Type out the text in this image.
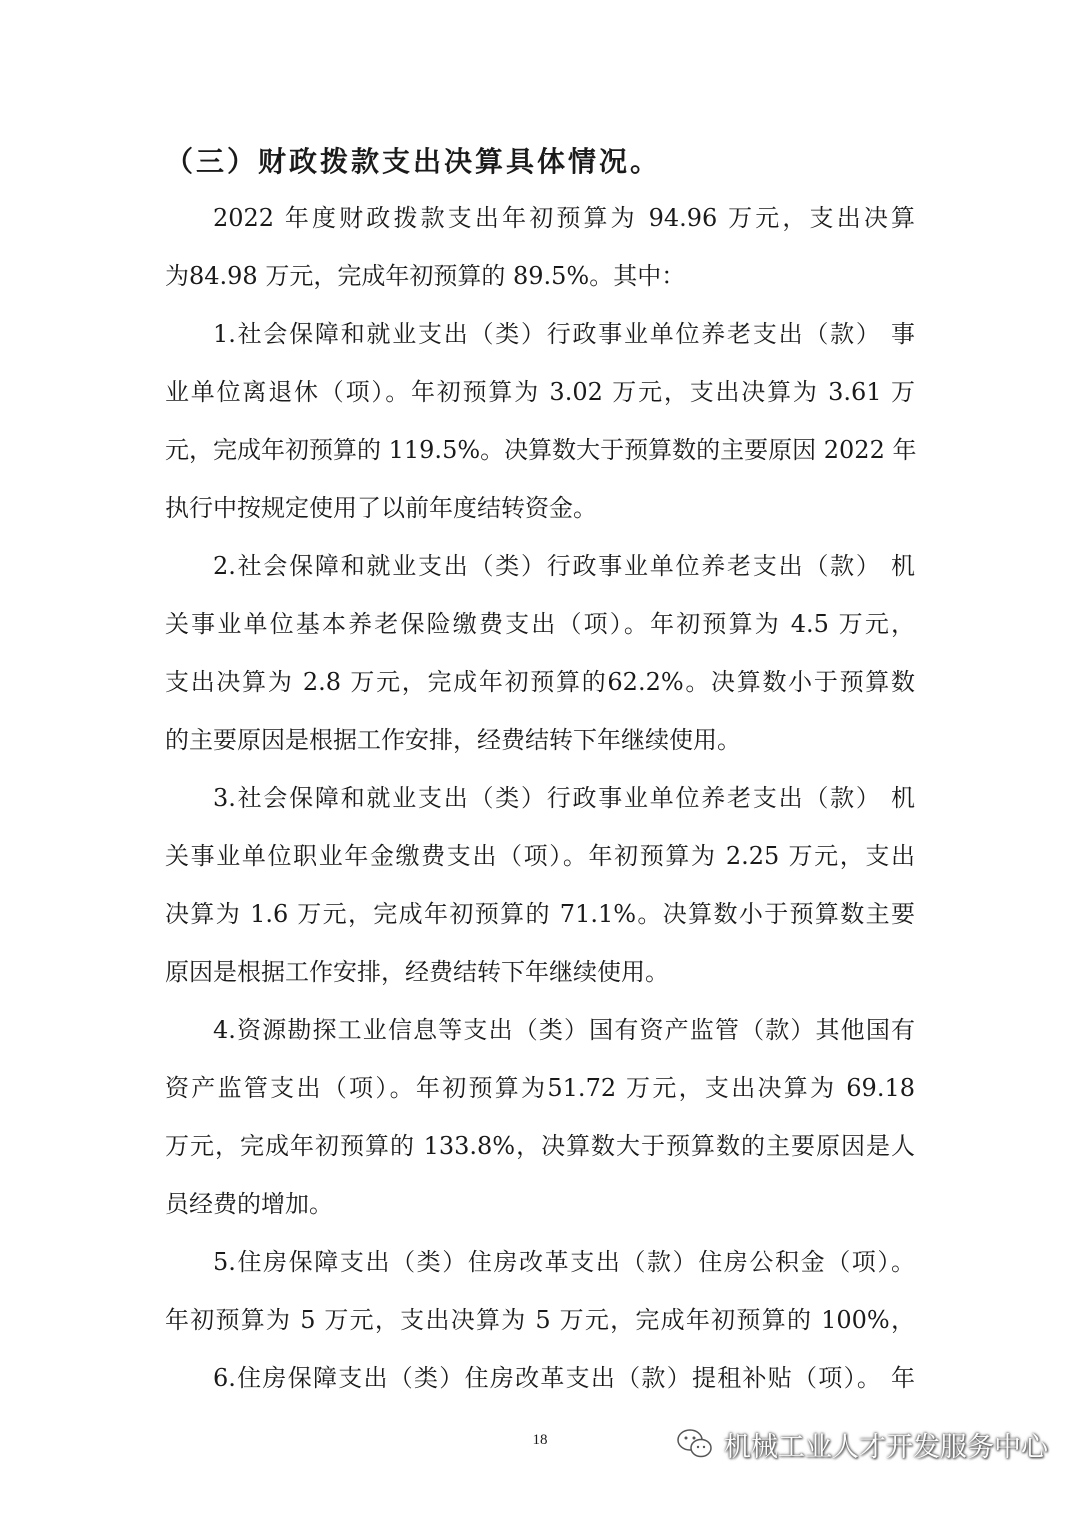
（三）财政拨款支出决算具体情况。
2022 年度财政拨款支出年初预算为 94.96 万元，支出决算
为84.98 万元，完成年初预算的 89.5%。其中：
1.社会保障和就业支出（类）行政事业单位养老支出（款） 事
业单位离退休（项）。年初预算为 3.02 万元，支出决算为 3.61 万
元，完成年初预算的 119.5%。决算数大于预算数的主要原因 2022 年
执行中按规定使用了以前年度结转资金。
2.社会保障和就业支出（类）行政事业单位养老支出（款） 机
关事业单位基本养老保险缴费支出（项）。年初预算为 4.5 万元，
支出决算为 2.8 万元，完成年初预算的62.2%。决算数小于预算数
的主要原因是根据工作安排，经费结转下年继续使用。
3.社会保障和就业支出（类）行政事业单位养老支出（款） 机
关事业单位职业年金缴费支出（项）。年初预算为 2.25 万元，支出
决算为 1.6 万元，完成年初预算的 71.1%。决算数小于预算数主要
原因是根据工作安排，经费结转下年继续使用。
4.资源勘探工业信息等支出（类）国有资产监管（款）其他国有
资产监管支出（项）。年初预算为51.72 万元，支出决算为 69.18
万元，完成年初预算的 133.8%，决算数大于预算数的主要原因是人
员经费的增加。
5.住房保障支出（类）住房改革支出（款）住房公积金（项）。
年初预算为 5 万元，支出决算为 5 万元，完成年初预算的 100%，
6.住房保障支出（类）住房改革支出（款）提租补贴（项）。 年
18	机械工业人才开发服务中心
